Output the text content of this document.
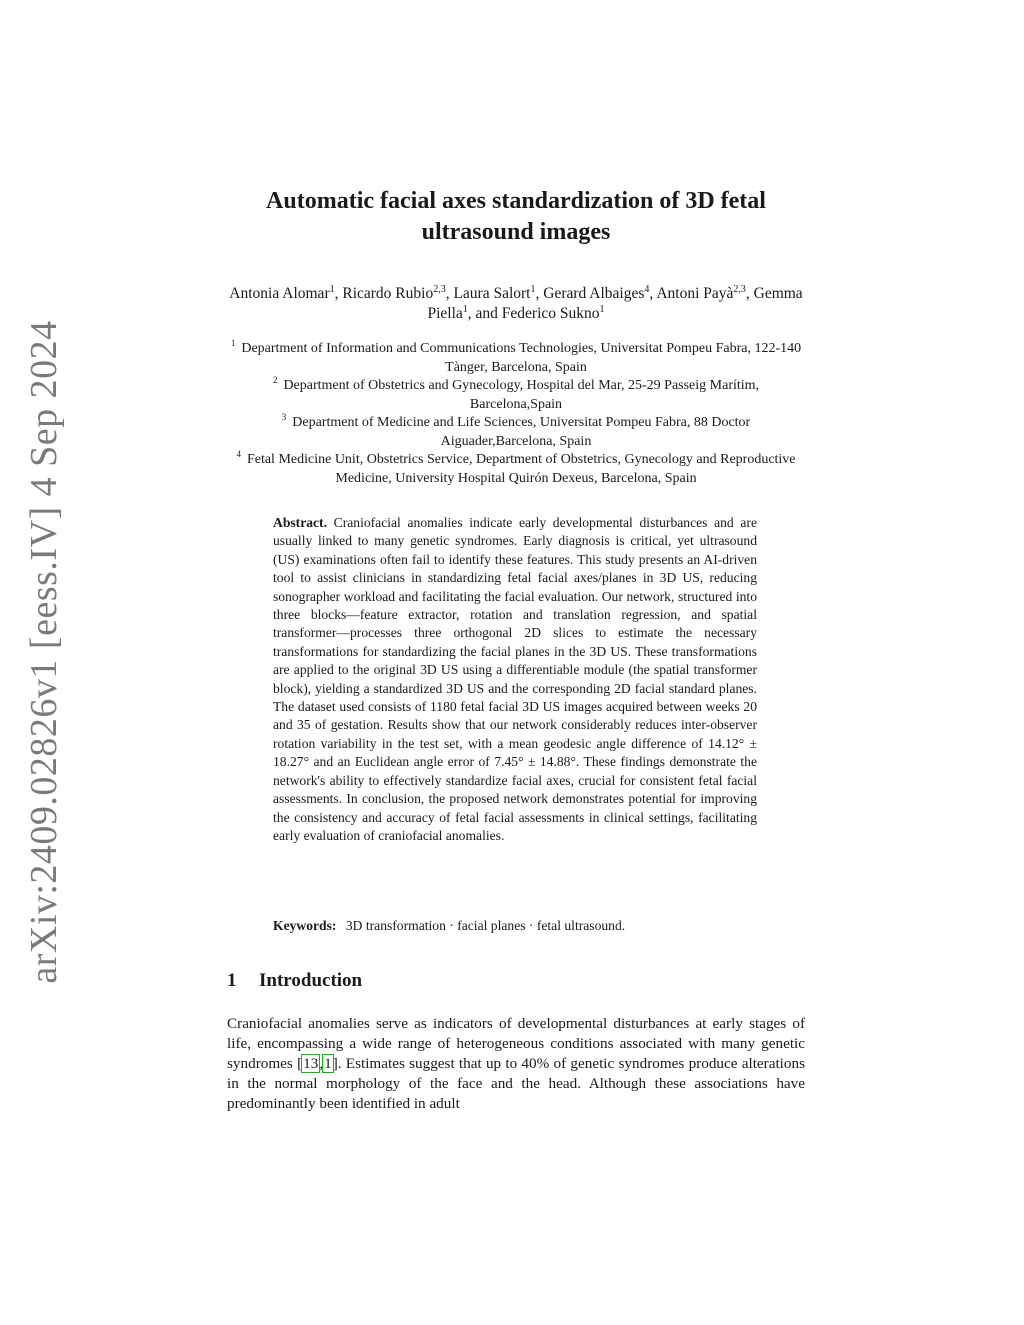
arXiv:2409.02826v1 [eess.IV] 4 Sep 2024
Automatic facial axes standardization of 3D fetal ultrasound images
Antonia Alomar$^1$, Ricardo Rubio$^{2,3}$, Laura Salort$^1$, Gerard Albaiges$^4$, Antoni Payà$^{2,3}$, Gemma Piella$^1$, and Federico Sukno$^1$

$^1$ Department of Information and Communications Technologies, Universitat Pompeu Fabra, 122-140 Tànger, Barcelona, Spain

$^2$ Department of Obstetrics and Gynecology, Hospital del Mar, 25-29 Passeig Marítim, Barcelona,Spain

$^3$ Department of Medicine and Life Sciences, Universitat Pompeu Fabra, 88 Doctor Aiguader,Barcelona, Spain

$^4$ Fetal Medicine Unit, Obstetrics Service, Department of Obstetrics, Gynecology and Reproductive Medicine, University Hospital Quirón Dexeus, Barcelona, Spain

Abstract. Craniofacial anomalies indicate early developmental disturbances and are usually linked to many genetic syndromes. Early diagnosis is critical, yet ultrasound (US) examinations often fail to identify these features. This study presents an AI-driven tool to assist clinicians in standardizing fetal facial axes/planes in 3D US, reducing sonographer workload and facilitating the facial evaluation. Our network, structured into three blocks—feature extractor, rotation and translation regression, and spatial transformer—processes three orthogonal 2D slices to estimate the necessary transformations for standardizing the facial planes in the 3D US. These transformations are applied to the original 3D US using a differentiable module (the spatial transformer block), yielding a standardized 3D US and the corresponding 2D facial standard planes. The dataset used consists of 1180 fetal facial 3D US images acquired between weeks 20 and 35 of gestation. Results show that our network considerably reduces inter-observer rotation variability in the test set, with a mean geodesic angle difference of 14.12° ± 18.27° and an Euclidean angle error of 7.45° ± 14.88°. These findings demonstrate the network's ability to effectively standardize facial axes, crucial for consistent fetal facial assessments. In conclusion, the proposed network demonstrates potential for improving the consistency and accuracy of fetal facial assessments in clinical settings, facilitating early evaluation of craniofacial anomalies.
Keywords: 3D transformation · facial planes · fetal ultrasound.
1 Introduction
Craniofacial anomalies serve as indicators of developmental disturbances at early stages of life, encompassing a wide range of heterogeneous conditions associated with many genetic syndromes [13,1]. Estimates suggest that up to 40% of genetic syndromes produce alterations in the normal morphology of the face and the head. Although these associations have predominantly been identified in adult
